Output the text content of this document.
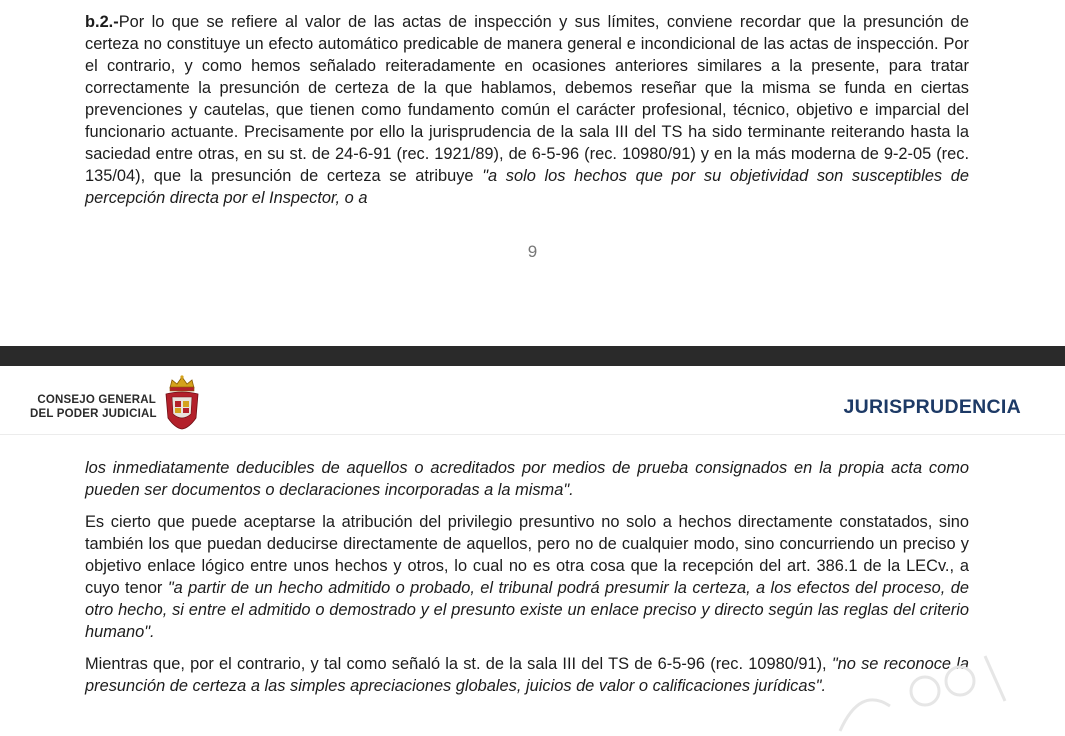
b.2.-Por lo que se refiere al valor de las actas de inspección y sus límites, conviene recordar que la presunción de certeza no constituye un efecto automático predicable de manera general e incondicional de las actas de inspección. Por el contrario, y como hemos señalado reiteradamente en ocasiones anteriores similares a la presente, para tratar correctamente la presunción de certeza de la que hablamos, debemos reseñar que la misma se funda en ciertas prevenciones y cautelas, que tienen como fundamento común el carácter profesional, técnico, objetivo e imparcial del funcionario actuante. Precisamente por ello la jurisprudencia de la sala III del TS ha sido terminante reiterando hasta la saciedad entre otras, en su st. de 24-6-91 (rec. 1921/89), de 6-5-96 (rec. 10980/91) y en la más moderna de 9-2-05 (rec. 135/04), que la presunción de certeza se atribuye "a solo los hechos que por su objetividad son susceptibles de percepción directa por el Inspector, o a
9
CONSEJO GENERAL
DEL PODER JUDICIAL	JURISPRUDENCIA

los inmediatamente deducibles de aquellos o acreditados por medios de prueba consignados en la propia acta como pueden ser documentos o declaraciones incorporadas a la misma".

Es cierto que puede aceptarse la atribución del privilegio presuntivo no solo a hechos directamente constatados, sino también los que puedan deducirse directamente de aquellos, pero no de cualquier modo, sino concurriendo un preciso y objetivo enlace lógico entre unos hechos y otros, lo cual no es otra cosa que la recepción del art. 386.1 de la LECv., a cuyo tenor "a partir de un hecho admitido o probado, el tribunal podrá presumir la certeza, a los efectos del proceso, de otro hecho, si entre el admitido o demostrado y el presunto existe un enlace preciso y directo según las reglas del criterio humano".

Mientras que, por el contrario, y tal como señaló la st. de la sala III del TS de 6-5-96 (rec. 10980/91), "no se reconoce la presunción de certeza a las simples apreciaciones globales, juicios de valor o calificaciones jurídicas".
